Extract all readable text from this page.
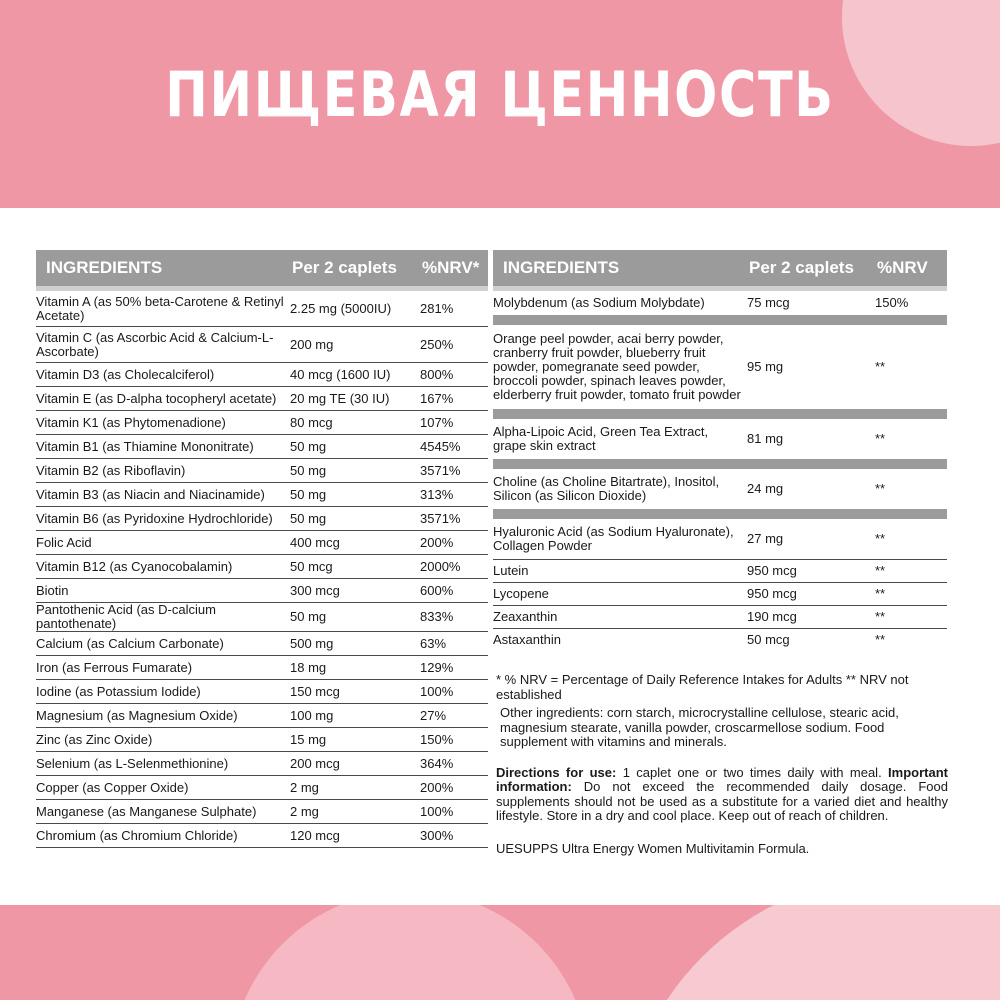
ПИЩЕВАЯ ЦЕННОСТЬ
INGREDIENTS	Per 2 caplets	%NRV*
Vitamin A (as 50% beta-Carotene & Retinyl Acetate)	2.25 mg (5000IU)	281%
Vitamin C (as Ascorbic Acid & Calcium-L-Ascorbate)	200 mg	250%
Vitamin D3 (as Cholecalciferol)	40 mcg (1600 IU)	800%
Vitamin E (as D-alpha tocopheryl acetate)	20 mg TE (30 IU)	167%
Vitamin K1 (as Phytomenadione)	80 mcg	107%
Vitamin B1 (as Thiamine Mononitrate)	50 mg	4545%
Vitamin B2 (as Riboflavin)	50 mg	3571%
Vitamin B3 (as Niacin and Niacinamide)	50 mg	313%
Vitamin B6 (as Pyridoxine Hydrochloride)	50 mg	3571%
Folic Acid	400 mcg	200%
Vitamin B12 (as Cyanocobalamin)	50 mcg	2000%
Biotin	300 mcg	600%
Pantothenic Acid (as D-calcium pantothenate)	50 mg	833%
Calcium (as Calcium Carbonate)	500 mg	63%
Iron (as Ferrous Fumarate)	18 mg	129%
Iodine (as Potassium Iodide)	150 mcg	100%
Magnesium (as Magnesium Oxide)	100 mg	27%
Zinc (as Zinc Oxide)	15 mg	150%
Selenium (as L-Selenmethionine)	200 mcg	364%
Copper (as Copper Oxide)	2 mg	200%
Manganese (as Manganese Sulphate)	2 mg	100%
Chromium (as Chromium Chloride)	120 mcg	300%
INGREDIENTS	Per 2 caplets	%NRV
Molybdenum (as Sodium Molybdate)	75 mcg	150%
Orange peel powder, acai berry powder, cranberry fruit powder, blueberry fruit powder, pomegranate seed powder, broccoli powder, spinach leaves powder, elderberry fruit powder, tomato fruit powder	95 mg	**
Alpha-Lipoic Acid, Green Tea Extract, grape skin extract	81 mg	**
Choline (as Choline Bitartrate), Inositol, Silicon (as Silicon Dioxide)	24 mg	**
Hyaluronic Acid (as Sodium Hyaluronate), Collagen Powder	27 mg	**
Lutein	950 mcg	**
Lycopene	950 mcg	**
Zeaxanthin	190 mcg	**
Astaxanthin	50 mcg	**

* % NRV = Percentage of Daily Reference Intakes for Adults ** NRV not established

Other ingredients: corn starch, microcrystalline cellulose, stearic acid, magnesium stearate, vanilla powder, croscarmellose sodium. Food supplement with vitamins and minerals.

Directions for use: 1 caplet one or two times daily with meal. Important information: Do not exceed the recommended daily dosage. Food supplements should not be used as a substitute for a varied diet and healthy lifestyle. Store in a dry and cool place. Keep out of reach of children.

UESUPPS Ultra Energy Women Multivitamin Formula.
